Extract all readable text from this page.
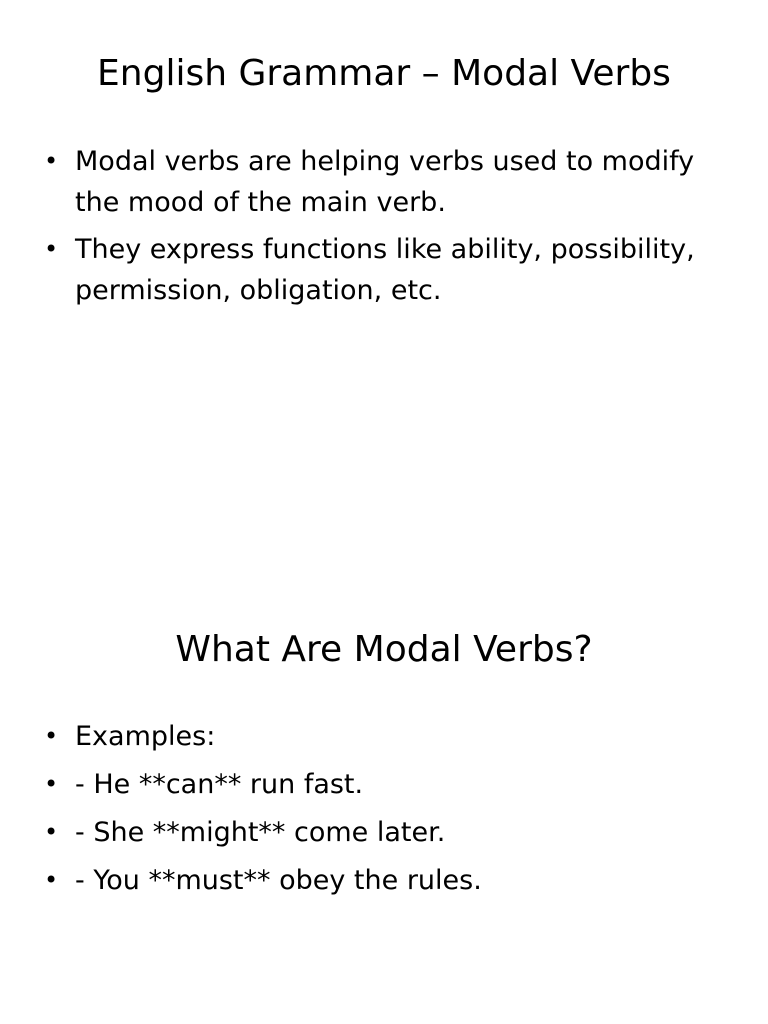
English Grammar – Modal Verbs
• Modal verbs are helping verbs used to modify the mood of the main verb.
• They express functions like ability, possibility, permission, obligation, etc.
What Are Modal Verbs?
• Examples:
• - He **can** run fast.
• - She **might** come later.
• - You **must** obey the rules.
